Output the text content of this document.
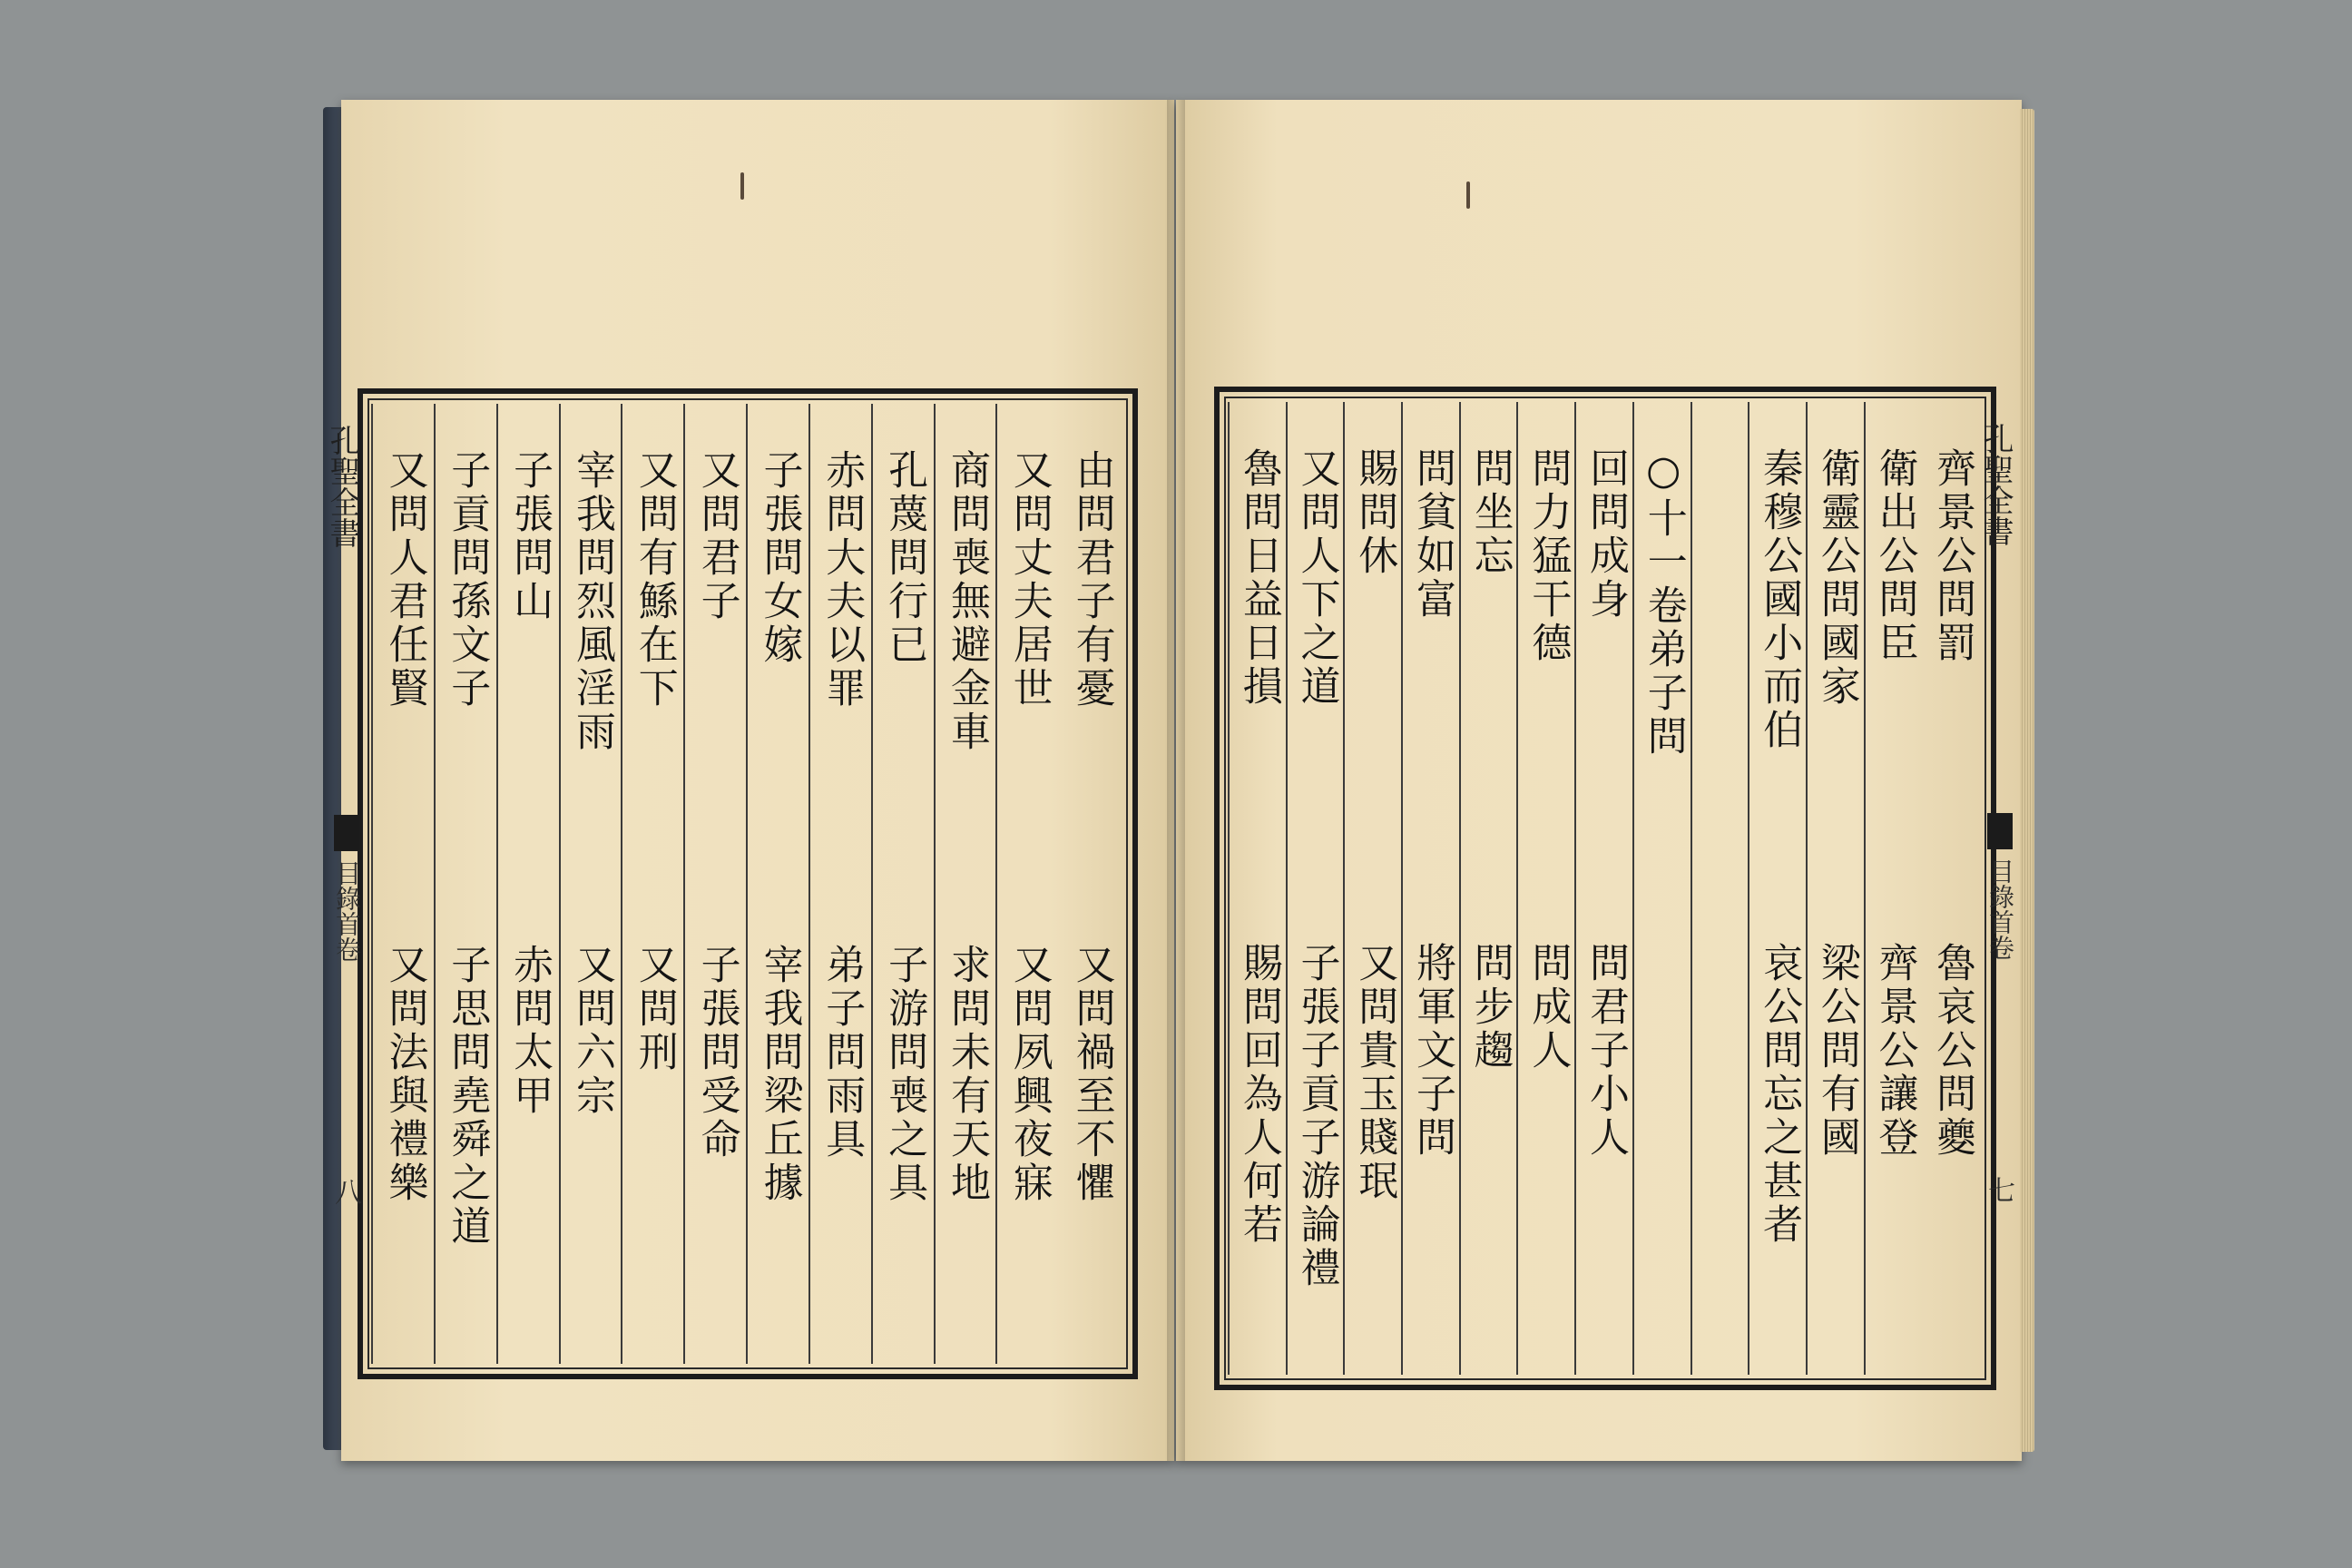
由問君子有憂
又問禍至不懼
又問丈夫居世
又問夙興夜寐
商問喪無避金車
求問未有天地
孔蔑問行已
子游問喪之具
赤問大夫以罪
弟子問雨具
子張問女嫁
宰我問梁丘據
又問君子
子張問受命
又問有鯀在下
又問刑
宰我問烈風淫雨
又問六宗
子張問山
赤問太甲
子貢問孫文子
子思問堯舜之道
又問人君任賢
又問法與禮樂
孔聖全書
目錄首卷
八
齊景公問罰
魯哀公問夔
衛出公問臣
齊景公讓登
衛靈公問國家
梁公問有國
秦穆公國小而伯
哀公問忘之甚者
○十一卷弟子問
回問成身
問君子小人
問力猛干德
問成人
問坐忘
問步趨
問貧如富
將軍文子問
賜問休
又問貴玉賤珉
又問人下之道
子張子貢子游論禮
魯問日益日損
賜問回為人何若
孔聖全書
目錄首卷
七
